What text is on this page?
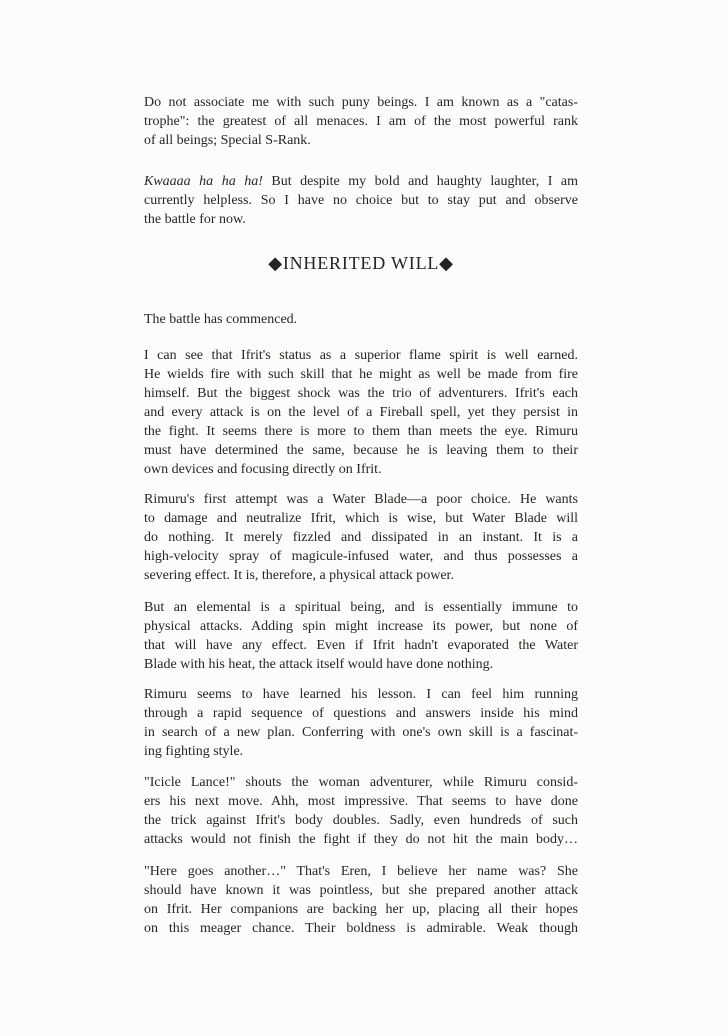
Do not associate me with such puny beings. I am known as a "catas-
trophe": the greatest of all menaces. I am of the most powerful rank
of all beings; Special S-Rank.
Kwaaaa ha ha ha! But despite my bold and haughty laughter, I am
currently helpless. So I have no choice but to stay put and observe
the battle for now.
◆INHERITED WILL◆
The battle has commenced.
I can see that Ifrit's status as a superior flame spirit is well earned.
He wields fire with such skill that he might as well be made from fire
himself. But the biggest shock was the trio of adventurers. Ifrit's each
and every attack is on the level of a Fireball spell, yet they persist in
the fight. It seems there is more to them than meets the eye. Rimuru
must have determined the same, because he is leaving them to their
own devices and focusing directly on Ifrit.
Rimuru's first attempt was a Water Blade—a poor choice. He wants
to damage and neutralize Ifrit, which is wise, but Water Blade will
do nothing. It merely fizzled and dissipated in an instant. It is a
high-velocity spray of magicule-infused water, and thus possesses a
severing effect. It is, therefore, a physical attack power.
But an elemental is a spiritual being, and is essentially immune to
physical attacks. Adding spin might increase its power, but none of
that will have any effect. Even if Ifrit hadn't evaporated the Water
Blade with his heat, the attack itself would have done nothing.
Rimuru seems to have learned his lesson. I can feel him running
through a rapid sequence of questions and answers inside his mind
in search of a new plan. Conferring with one's own skill is a fascinat-
ing fighting style.
"Icicle Lance!" shouts the woman adventurer, while Rimuru consid-
ers his next move. Ahh, most impressive. That seems to have done
the trick against Ifrit's body doubles. Sadly, even hundreds of such
attacks would not finish the fight if they do not hit the main body…
"Here goes another…" That's Eren, I believe her name was? She
should have known it was pointless, but she prepared another attack
on Ifrit. Her companions are backing her up, placing all their hopes
on this meager chance. Their boldness is admirable. Weak though
